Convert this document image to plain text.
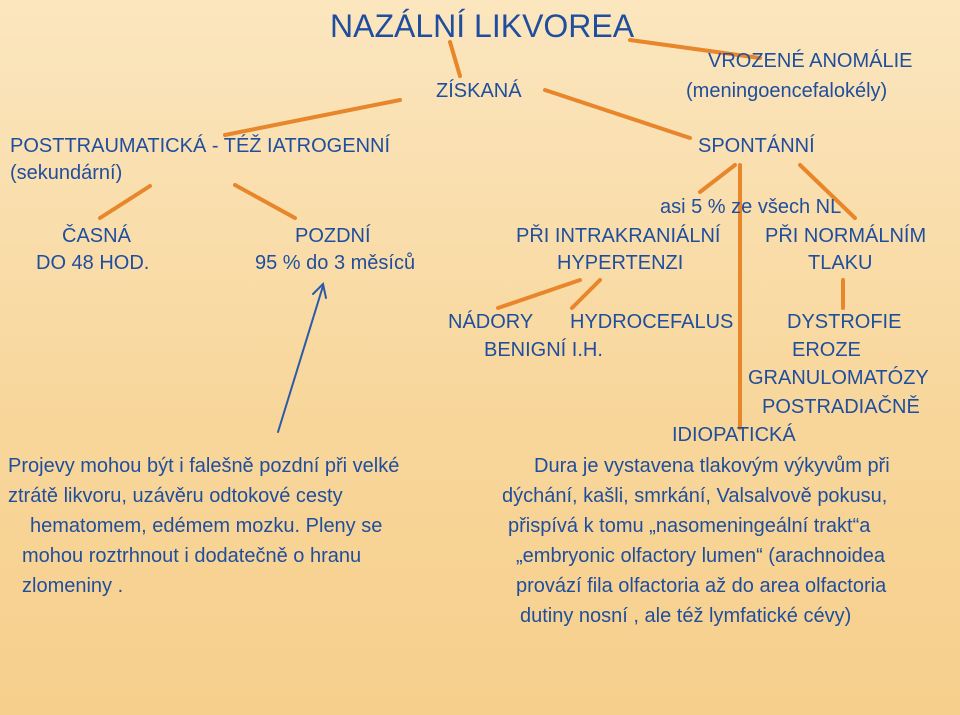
NAZÁLNÍ LIKVOREA
ZÍSKANÁ
VROZENÉ ANOMÁLIE
(meningoencefalokély)
POSTTRAUMATICKÁ - TÉŽ IATROGENNÍ
(sekundární)
SPONTÁNNÍ
asi 5 % ze všech NL
ČASNÁ
DO 48 HOD.
POZDNÍ
95 % do 3 měsíců
PŘI INTRAKRANIÁLNÍ
HYPERTENZI
PŘI NORMÁLNÍM
TLAKU
NÁDORY HYDROCEFALUS
BENIGNÍ I.H.
DYSTROFIE
EROZE
GRANULOMATÓZY
POSTRADIAČNĚ
IDIOPATICKÁ
Projevy mohou být i falešně pozdní při velké
ztrátě likvoru, uzávěru odtokové cesty
hematomem, edémem mozku. Pleny se
mohou roztrhnout i dodatečně o hranu
zlomeniny .
Dura je vystavena tlakovým výkyvům při
dýchání, kašli, smrkání, Valsalvově pokusu,
přispívá k tomu „nasomeningeální trakt“a
„embryonic olfactory lumen“ (arachnoidea
provází fila olfactoria až do area olfactoria
dutiny nosní , ale též lymfatické cévy)
